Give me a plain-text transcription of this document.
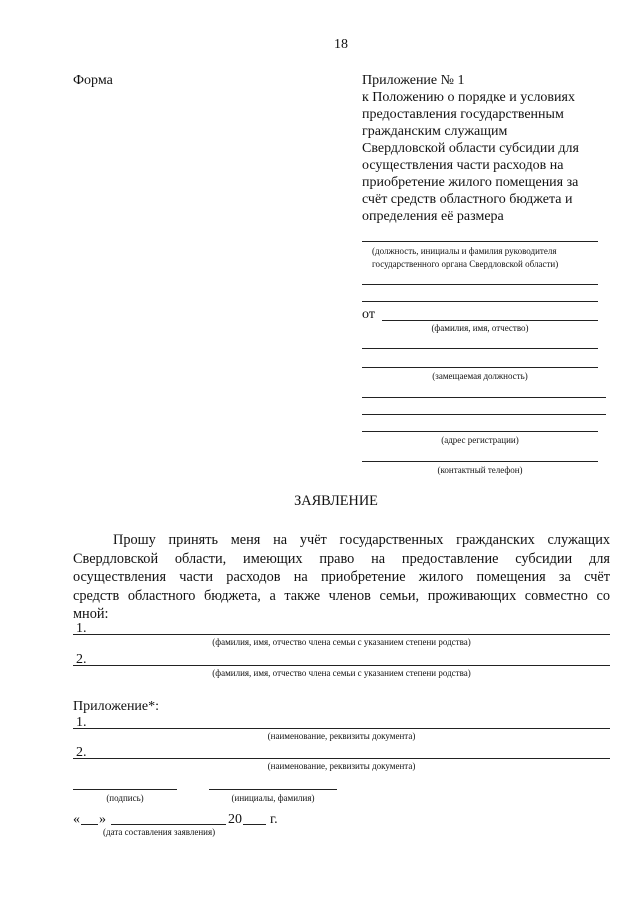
18
Форма	Приложение № 1
к Положению о порядке и условиях
предоставления государственным
гражданским служащим
Свердловской области субсидии для
осуществления части расходов на
приобретение жилого помещения за
счёт средств областного бюджета и
определения её размера
(должность, инициалы и фамилия руководителя
государственного органа Свердловской области)
от
(фамилия, имя, отчество)
(замещаемая должность)
(адрес регистрации)
(контактный телефон)
ЗАЯВЛЕНИЕ
Прошу принять меня на учёт государственных гражданских служащих
Свердловской области, имеющих право на предоставление субсидии для
осуществления части расходов на приобретение жилого помещения за счёт
средств областного бюджета, а также членов семьи, проживающих совместно со
мной:
1.
(фамилия, имя, отчество члена семьи с указанием степени родства)
2.
(фамилия, имя, отчество члена семьи с указанием степени родства)
Приложение*:
1.
(наименование, реквизиты документа)
2.
(наименование, реквизиты документа)
(подпись)	(инициалы, фамилия)
« »	20 г.
(дата составления заявления)
